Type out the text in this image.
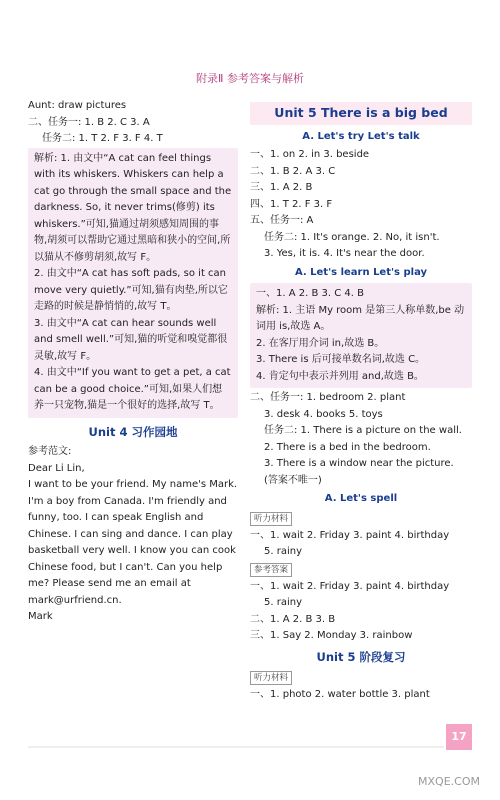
附录Ⅱ 参考答案与解析
Aunt: draw pictures
二、任务一: 1. B 2. C 3. A
任务二: 1. T 2. F 3. F 4. T
解析: 1. 由文中“A cat can feel things with its whiskers. Whiskers can help a cat go through the small space and the darkness. So, it never trims(修剪) its whiskers.”可知,猫通过胡须感知周围的事物,胡须可以帮助它通过黑暗和狭小的空间,所以猫从不修剪胡须,故写 F。
2. 由文中“A cat has soft pads, so it can move very quietly.”可知,猫有肉垫,所以它走路的时候是静悄悄的,故写 T。
3. 由文中“A cat can hear sounds well and smell well.”可知,猫的听觉和嗅觉都很灵敏,故写 F。
4. 由文中“If you want to get a pet, a cat can be a good choice.”可知,如果人们想养一只宠物,猫是一个很好的选择,故写 T。
Unit 4 习作园地
参考范文:
Dear Li Lin,
I want to be your friend. My name's Mark. I'm a boy from Canada. I'm friendly and funny, too. I can speak English and Chinese. I can sing and dance. I can play basketball very well. I know you can cook Chinese food, but I can't. Can you help me? Please send me an email at mark@urfriend.cn.
Mark
Unit 5 There is a big bed
A. Let's try Let's talk
一、1. on 2. in 3. beside
二、1. B 2. A 3. C
三、1. A 2. B
四、1. T 2. F 3. F
五、任务一: A
任务二: 1. It's orange. 2. No, it isn't.
3. Yes, it is. 4. It's near the door.
A. Let's learn Let's play
一、1. A 2. B 3. C 4. B
解析: 1. 主语 My room 是第三人称单数,be 动词用 is,故选 A。
2. 在客厅用介词 in,故选 B。
3. There is 后可接单数名词,故选 C。
4. 肯定句中表示并列用 and,故选 B。
二、任务一: 1. bedroom 2. plant
3. desk 4. books 5. toys
任务二: 1. There is a picture on the wall.
2. There is a bed in the bedroom.
3. There is a window near the picture.
(答案不唯一)
A. Let's spell
听力材料
一、1. wait 2. Friday 3. paint 4. birthday
5. rainy
参考答案
一、1. wait 2. Friday 3. paint 4. birthday
5. rainy
二、1. A 2. B 3. B
三、1. Say 2. Monday 3. rainbow
Unit 5 阶段复习
听力材料
一、1. photo 2. water bottle 3. plant
17
MXQE.COM
